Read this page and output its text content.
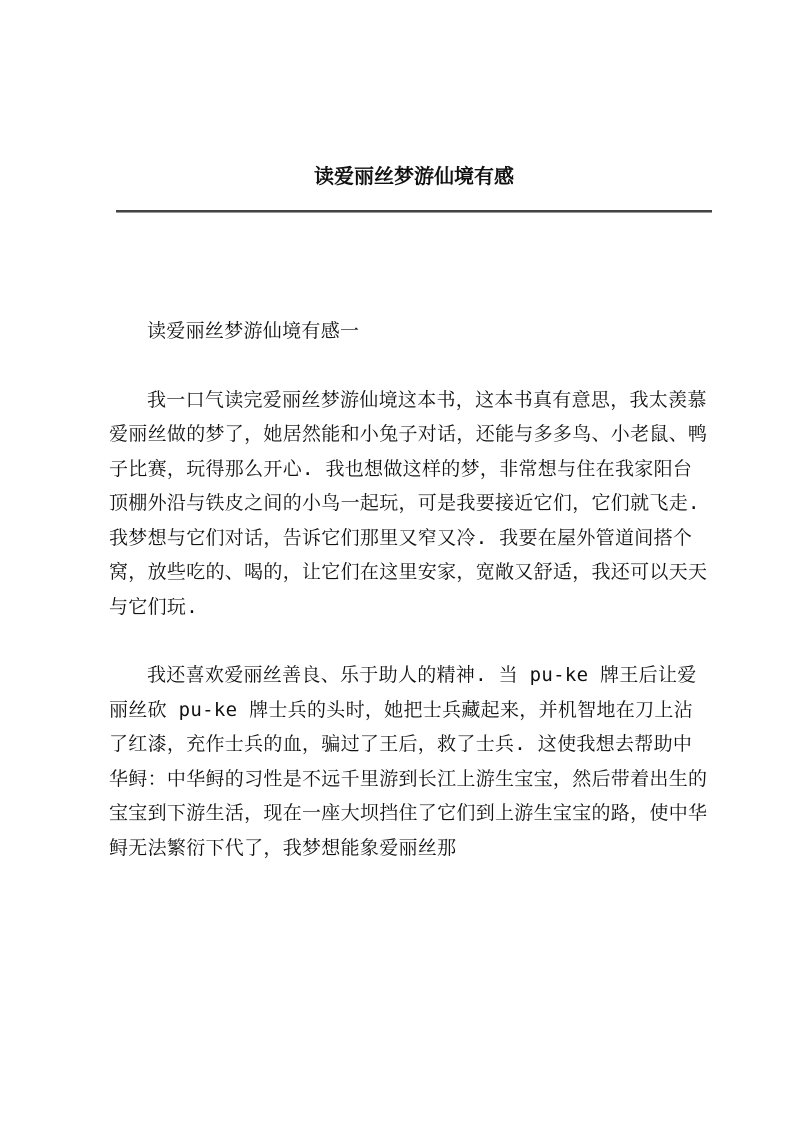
读爱丽丝梦游仙境有感

读爱丽丝梦游仙境有感一

我一口气读完爱丽丝梦游仙境这本书，这本书真有意思，我太羡慕爱丽丝做的梦了，她居然能和小兔子对话，还能与多多鸟、小老鼠、鸭子比赛，玩得那么开心. 我也想做这样的梦，非常想与住在我家阳台顶棚外沿与铁皮之间的小鸟一起玩，可是我要接近它们，它们就飞走. 我梦想与它们对话，告诉它们那里又窄又冷. 我要在屋外管道间搭个窝，放些吃的、喝的，让它们在这里安家，宽敞又舒适，我还可以天天与它们玩.

我还喜欢爱丽丝善良、乐于助人的精神. 当 pu-ke 牌王后让爱丽丝砍 pu-ke 牌士兵的头时，她把士兵藏起来，并机智地在刀上沾了红漆，充作士兵的血，骗过了王后，救了士兵. 这使我想去帮助中华鲟：中华鲟的习性是不远千里游到长江上游生宝宝，然后带着出生的宝宝到下游生活，现在一座大坝挡住了它们到上游生宝宝的路，使中华鲟无法繁衍下代了，我梦想能象爱丽丝那
